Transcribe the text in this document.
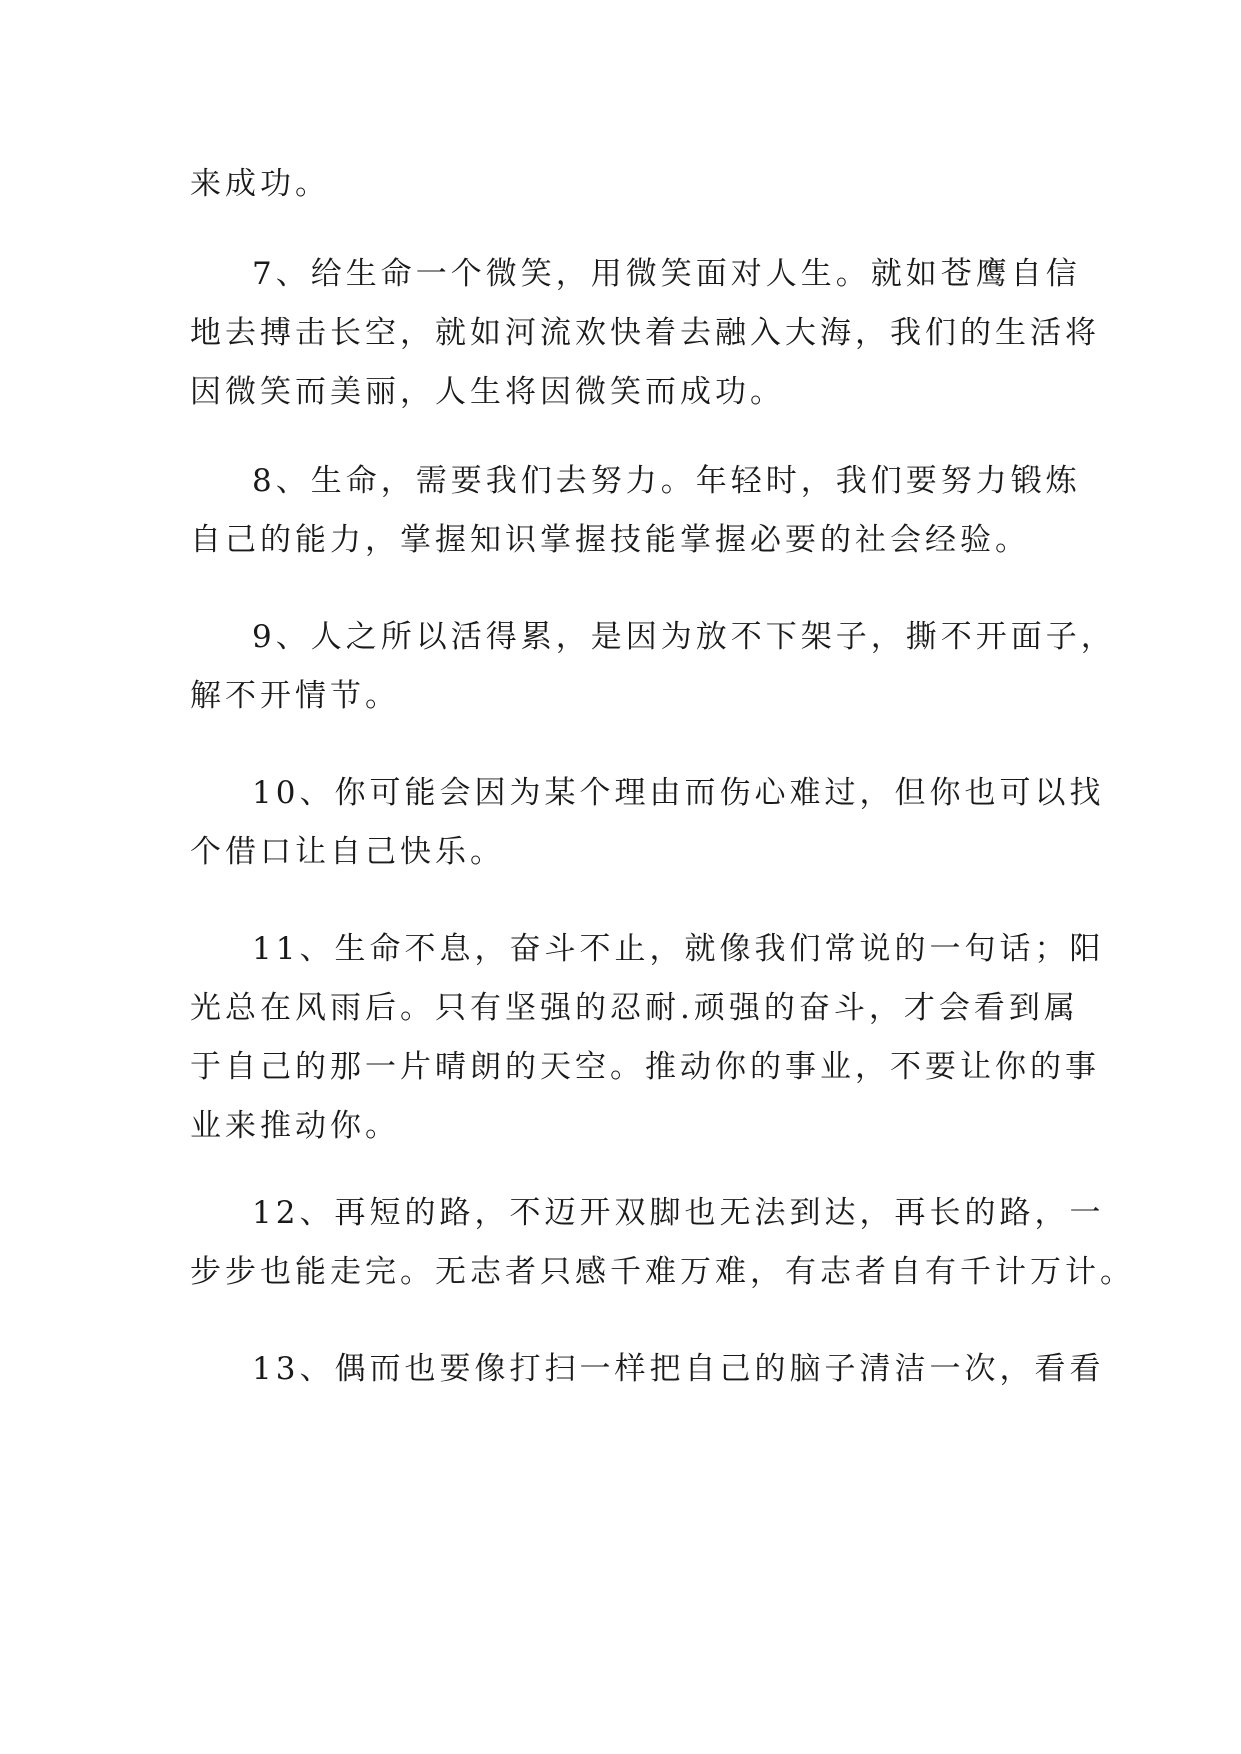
来成功。
7、给生命一个微笑，用微笑面对人生。就如苍鹰自信
地去搏击长空，就如河流欢快着去融入大海，我们的生活将
因微笑而美丽，人生将因微笑而成功。
8、生命，需要我们去努力。年轻时，我们要努力锻炼
自己的能力，掌握知识掌握技能掌握必要的社会经验。
9、人之所以活得累，是因为放不下架子，撕不开面子，
解不开情节。
10、你可能会因为某个理由而伤心难过，但你也可以找
个借口让自己快乐。
11、生命不息，奋斗不止，就像我们常说的一句话；阳
光总在风雨后。只有坚强的忍耐.顽强的奋斗，才会看到属
于自己的那一片晴朗的天空。推动你的事业，不要让你的事
业来推动你。
12、再短的路，不迈开双脚也无法到达，再长的路，一
步步也能走完。无志者只感千难万难，有志者自有千计万计。
13、偶而也要像打扫一样把自己的脑子清洁一次，看看
